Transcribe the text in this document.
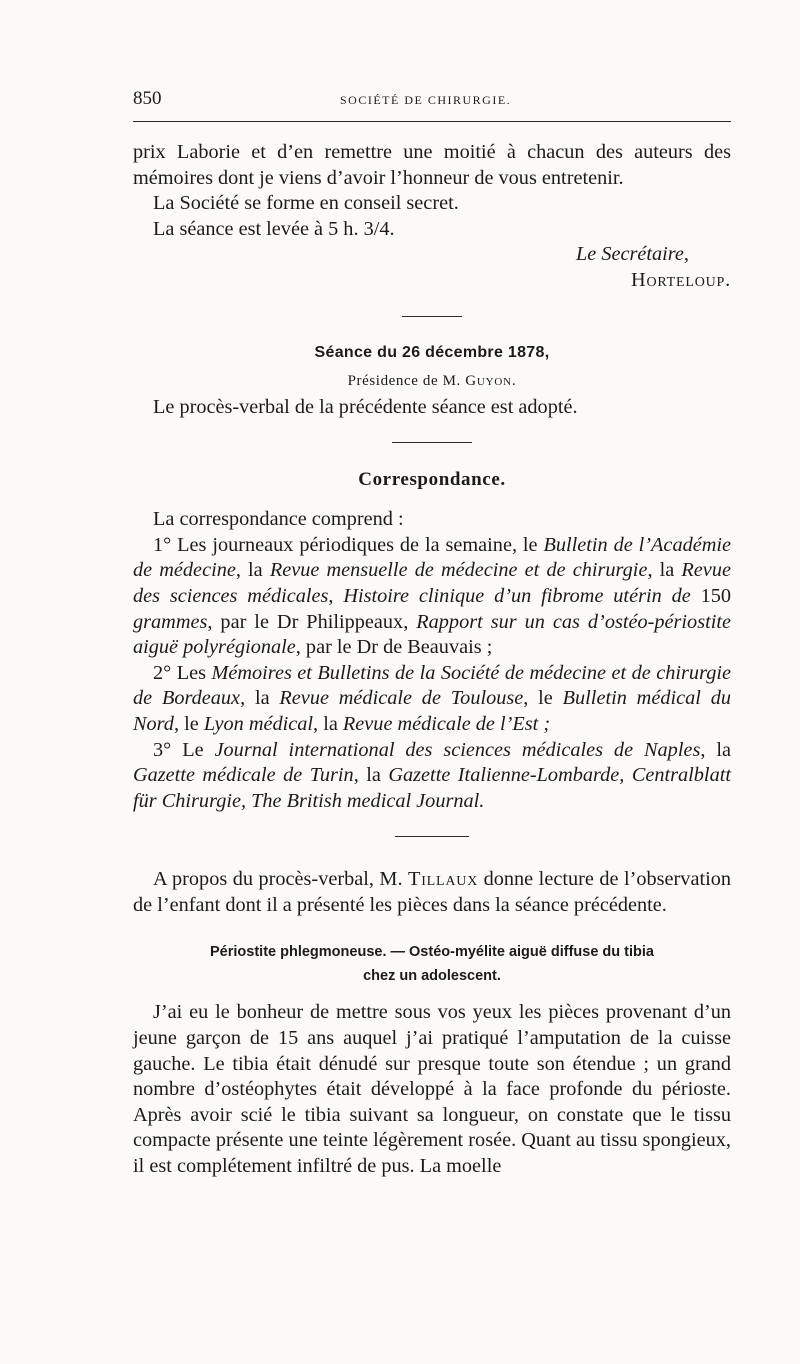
850	SOCIÉTÉ DE CHIRURGIE.

prix Laborie et d’en remettre une moitié à chacun des auteurs des mémoires dont je viens d’avoir l’honneur de vous entretenir.

La Société se forme en conseil secret.

La séance est levée à 5 h. 3/4.

Le Secrétaire,

Horteloup.

Séance du 26 décembre 1878,

Présidence de M. Guyon.

Le procès-verbal de la précédente séance est adopté.

Correspondance.

La correspondance comprend :

1° Les journeaux périodiques de la semaine, le Bulletin de l’Académie de médecine, la Revue mensuelle de médecine et de chirurgie, la Revue des sciences médicales, Histoire clinique d’un fibrome utérin de 150 grammes, par le Dr Philippeaux, Rapport sur un cas d’ostéo-périostite aiguë polyrégionale, par le Dr de Beauvais ;

2° Les Mémoires et Bulletins de la Société de médecine et de chirurgie de Bordeaux, la Revue médicale de Toulouse, le Bulletin médical du Nord, le Lyon médical, la Revue médicale de l’Est ;

3° Le Journal international des sciences médicales de Naples, la Gazette médicale de Turin, la Gazette Italienne-Lombarde, Centralblatt für Chirurgie, The British medical Journal.

A propos du procès-verbal, M. Tillaux donne lecture de l’observation de l’enfant dont il a présenté les pièces dans la séance précédente.

Périostite phlegmoneuse. — Ostéo-myélite aiguë diffuse du tibia

chez un adolescent.

J’ai eu le bonheur de mettre sous vos yeux les pièces provenant d’un jeune garçon de 15 ans auquel j’ai pratiqué l’amputation de la cuisse gauche. Le tibia était dénudé sur presque toute son étendue ; un grand nombre d’ostéophytes était développé à la face profonde du périoste. Après avoir scié le tibia suivant sa longueur, on constate que le tissu compacte présente une teinte légèrement rosée. Quant au tissu spongieux, il est complétement infiltré de pus. La moelle
